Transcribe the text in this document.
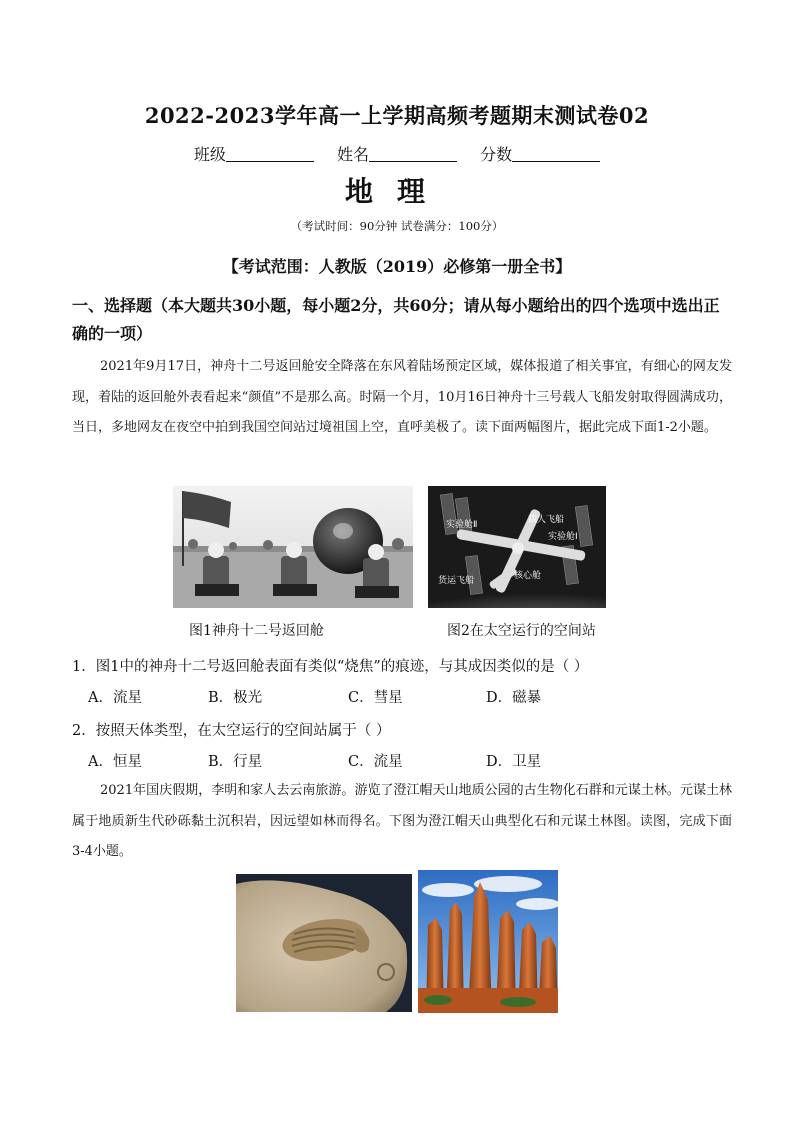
2022-2023学年高一上学期高频考题期末测试卷02
班级	姓名	分数
地理
（考试时间：90分钟 试卷满分：100分）
【考试范围：人教版（2019）必修第一册全书】
一、选择题（本大题共30小题，每小题2分，共60分；请从每小题给出的四个选项中选出正确的一项）
2021年9月17日，神舟十二号返回舱安全降落在东风着陆场预定区域，媒体报道了相关事宜，有细心的网友发现，着陆的返回舱外表看起来“颜值”不是那么高。时隔一个月，10月16日神舟十三号载人飞船发射取得圆满成功，当日，多地网友在夜空中拍到我国空间站过境祖国上空，直呼美极了。读下面两幅图片，据此完成下面1-2小题。
载人飞船
实验舱Ⅱ
实验舱Ⅰ
核心舱
货运飞船
图1神舟十二号返回舱	图2在太空运行的空间站
1．图1中的神舟十二号返回舱表面有类似“烧焦”的痕迹，与其成因类似的是（ ）
A．流星	B．极光	C．彗星	D．磁暴
2．按照天体类型，在太空运行的空间站属于（ ）
A．恒星	B．行星	C．流星	D．卫星
2021年国庆假期，李明和家人去云南旅游。游览了澄江帽天山地质公园的古生物化石群和元谋土林。元谋土林属于地质新生代砂砾黏土沉积岩，因远望如林而得名。下图为澄江帽天山典型化石和元谋土林图。读图，完成下面3-4小题。
